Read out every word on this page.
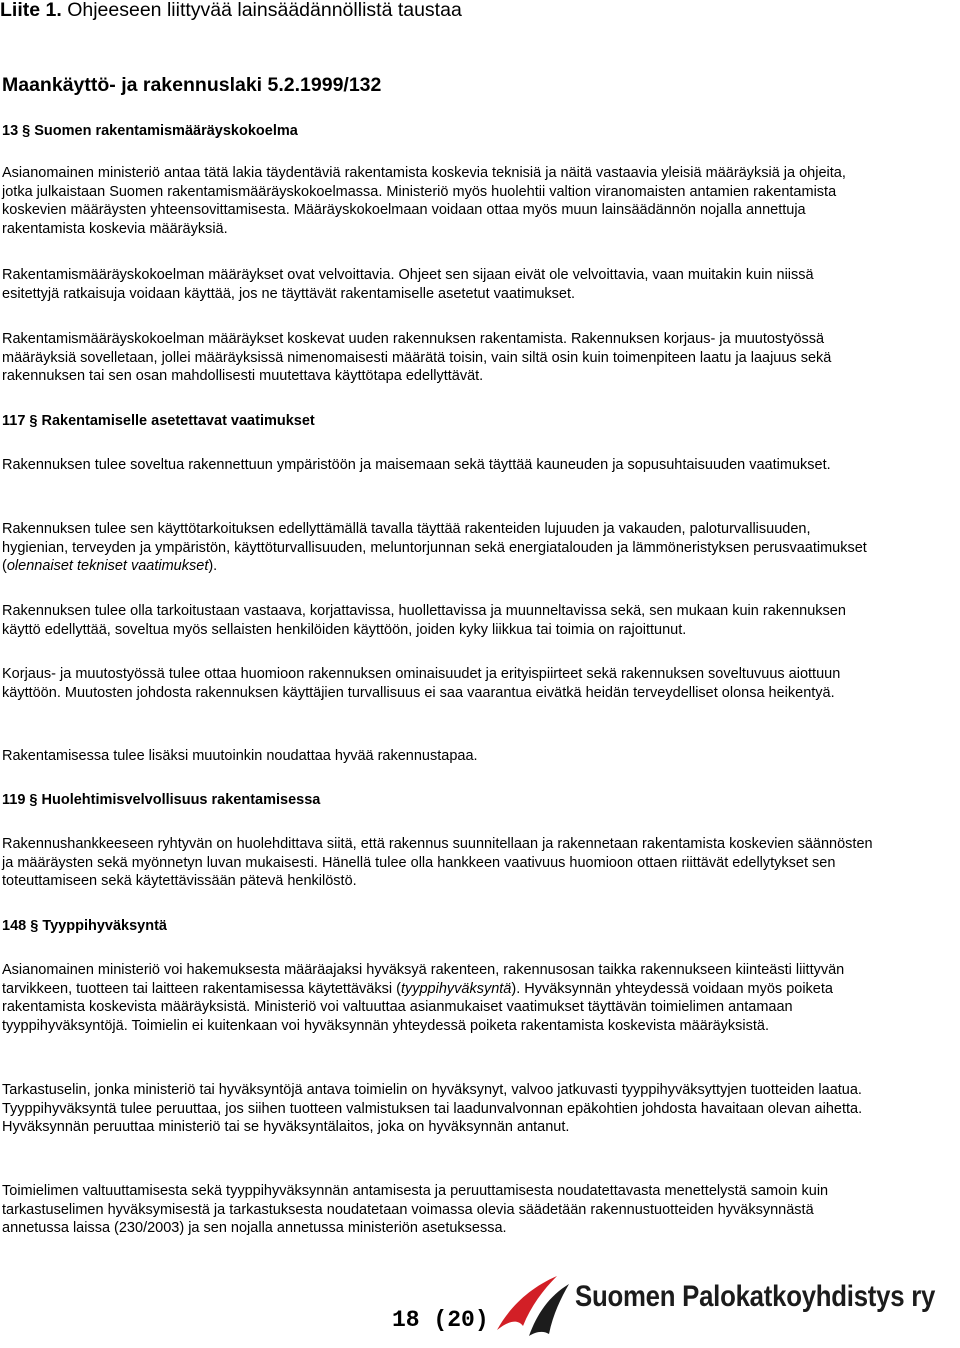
Liite 1. Ohjeeseen liittyvää lainsäädännöllistä taustaa
Maankäyttö- ja rakennuslaki 5.2.1999/132
13 § Suomen rakentamismääräyskokoelma
Asianomainen ministeriö antaa tätä lakia täydentäviä rakentamista koskevia teknisiä ja näitä vastaavia yleisiä määräyksiä ja ohjeita, jotka julkaistaan Suomen rakentamismääräyskokoelmassa. Ministeriö myös huolehtii valtion viranomaisten antamien rakentamista koskevien määräysten yhteensovittamisesta. Määräyskokoelmaan voidaan ottaa myös muun lainsäädännön nojalla annettuja rakentamista koskevia määräyksiä.
Rakentamismääräyskokoelman määräykset ovat velvoittavia. Ohjeet sen sijaan eivät ole velvoittavia, vaan muitakin kuin niissä esitettyjä ratkaisuja voidaan käyttää, jos ne täyttävät rakentamiselle asetetut vaatimukset.
Rakentamismääräyskokoelman määräykset koskevat uuden rakennuksen rakentamista. Rakennuksen korjaus- ja muutostyössä määräyksiä sovelletaan, jollei määräyksissä nimenomaisesti määrätä toisin, vain siltä osin kuin toimenpiteen laatu ja laajuus sekä rakennuksen tai sen osan mahdollisesti muutettava käyttötapa edellyttävät.
117 § Rakentamiselle asetettavat vaatimukset
Rakennuksen tulee soveltua rakennettuun ympäristöön ja maisemaan sekä täyttää kauneuden ja sopusuhtaisuuden vaatimukset.
Rakennuksen tulee sen käyttötarkoituksen edellyttämällä tavalla täyttää rakenteiden lujuuden ja vakauden, paloturvallisuuden, hygienian, terveyden ja ympäristön, käyttöturvallisuuden, meluntorjunnan sekä energiatalouden ja lämmöneristyksen perusvaatimukset (olennaiset tekniset vaatimukset).
Rakennuksen tulee olla tarkoitustaan vastaava, korjattavissa, huollettavissa ja muunneltavissa sekä, sen mukaan kuin rakennuksen käyttö edellyttää, soveltua myös sellaisten henkilöiden käyttöön, joiden kyky liikkua tai toimia on rajoittunut.
Korjaus- ja muutostyössä tulee ottaa huomioon rakennuksen ominaisuudet ja erityispiirteet sekä rakennuksen soveltuvuus aiottuun käyttöön. Muutosten johdosta rakennuksen käyttäjien turvallisuus ei saa vaarantua eivätkä heidän terveydelliset olonsa heikentyä.
Rakentamisessa tulee lisäksi muutoinkin noudattaa hyvää rakennustapaa.
119 § Huolehtimisvelvollisuus rakentamisessa
Rakennushankkeeseen ryhtyvän on huolehdittava siitä, että rakennus suunnitellaan ja rakennetaan rakentamista koskevien säännösten ja määräysten sekä myönnetyn luvan mukaisesti. Hänellä tulee olla hankkeen vaativuus huomioon ottaen riittävät edellytykset sen toteuttamiseen sekä käytettävissään pätevä henkilöstö.
148 § Tyyppihyväksyntä
Asianomainen ministeriö voi hakemuksesta määräajaksi hyväksyä rakenteen, rakennusosan taikka rakennukseen kiinteästi liittyvän tarvikkeen, tuotteen tai laitteen rakentamisessa käytettäväksi (tyyppihyväksyntä). Hyväksynnän yhteydessä voidaan myös poiketa rakentamista koskevista määräyksistä. Ministeriö voi valtuuttaa asianmukaiset vaatimukset täyttävän toimielimen antamaan tyyppihyväksyntöjä. Toimielin ei kuitenkaan voi hyväksynnän yhteydessä poiketa rakentamista koskevista määräyksistä.
Tarkastuselin, jonka ministeriö tai hyväksyntöjä antava toimielin on hyväksynyt, valvoo jatkuvasti tyyppihyväksyttyjen tuotteiden laatua. Tyyppihyväksyntä tulee peruuttaa, jos siihen tuotteen valmistuksen tai laadunvalvonnan epäkohtien johdosta havaitaan olevan aihetta. Hyväksynnän peruuttaa ministeriö tai se hyväksyntälaitos, joka on hyväksynnän antanut.
Toimielimen valtuuttamisesta sekä tyyppihyväksynnän antamisesta ja peruuttamisesta noudatettavasta menettelystä samoin kuin tarkastuselimen hyväksymisestä ja tarkastuksesta noudatetaan voimassa olevia säädetään rakennustuotteiden hyväksynnästä annetussa laissa (230/2003) ja sen nojalla annetussa ministeriön asetuksessa.
18 (20)
Suomen Palokatkoyhdistys ry
